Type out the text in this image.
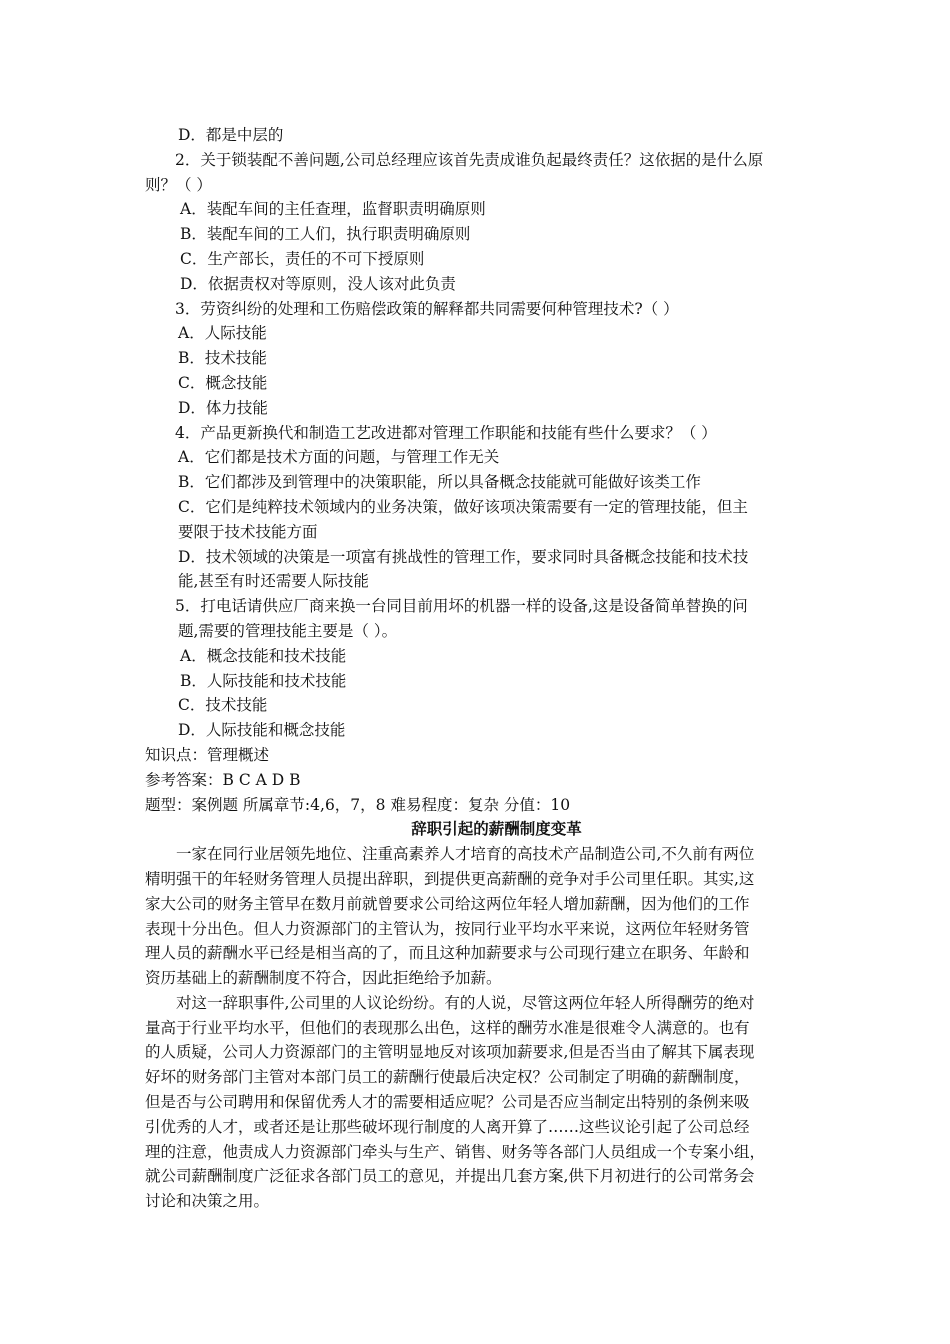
D．都是中层的
2．关于锁装配不善问题,公司总经理应该首先责成谁负起最终责任？这依据的是什么原
则？（ ）
A．装配车间的主任查理，监督职责明确原则
B．装配车间的工人们，执行职责明确原则
C．生产部长，责任的不可下授原则
D．依据责权对等原则，没人该对此负责
3．劳资纠纷的处理和工伤赔偿政策的解释都共同需要何种管理技术?（ ）
A．人际技能
B．技术技能
C．概念技能
D．体力技能
4．产品更新换代和制造工艺改进都对管理工作职能和技能有些什么要求？（ ）
A．它们都是技术方面的问题，与管理工作无关
B．它们都涉及到管理中的决策职能，所以具备概念技能就可能做好该类工作
C．它们是纯粹技术领域内的业务决策，做好该项决策需要有一定的管理技能，但主
要限于技术技能方面
D．技术领域的决策是一项富有挑战性的管理工作，要求同时具备概念技能和技术技
能,甚至有时还需要人际技能
5．打电话请供应厂商来换一台同目前用坏的机器一样的设备,这是设备简单替换的问
题,需要的管理技能主要是（ ）。
A．概念技能和技术技能
B．人际技能和技术技能
C．技术技能
D．人际技能和概念技能
知识点：管理概述
参考答案：B C A D B
题型：案例题 所属章节:4,6，7，8 难易程度：复杂 分值：10
辞职引起的薪酬制度变革
一家在同行业居领先地位、注重高素养人才培育的高技术产品制造公司,不久前有两位
精明强干的年轻财务管理人员提出辞职，到提供更高薪酬的竞争对手公司里任职。其实,这
家大公司的财务主管早在数月前就曾要求公司给这两位年轻人增加薪酬，因为他们的工作
表现十分出色。但人力资源部门的主管认为，按同行业平均水平来说，这两位年轻财务管
理人员的薪酬水平已经是相当高的了，而且这种加薪要求与公司现行建立在职务、年龄和
资历基础上的薪酬制度不符合，因此拒绝给予加薪。
对这一辞职事件,公司里的人议论纷纷。有的人说，尽管这两位年轻人所得酬劳的绝对
量高于行业平均水平，但他们的表现那么出色，这样的酬劳水准是很难令人满意的。也有
的人质疑，公司人力资源部门的主管明显地反对该项加薪要求,但是否当由了解其下属表现
好坏的财务部门主管对本部门员工的薪酬行使最后决定权？公司制定了明确的薪酬制度，
但是否与公司聘用和保留优秀人才的需要相适应呢？公司是否应当制定出特别的条例来吸
引优秀的人才，或者还是让那些破坏现行制度的人离开算了……这些议论引起了公司总经
理的注意，他责成人力资源部门牵头与生产、销售、财务等各部门人员组成一个专案小组，
就公司薪酬制度广泛征求各部门员工的意见，并提出几套方案,供下月初进行的公司常务会
讨论和决策之用。
